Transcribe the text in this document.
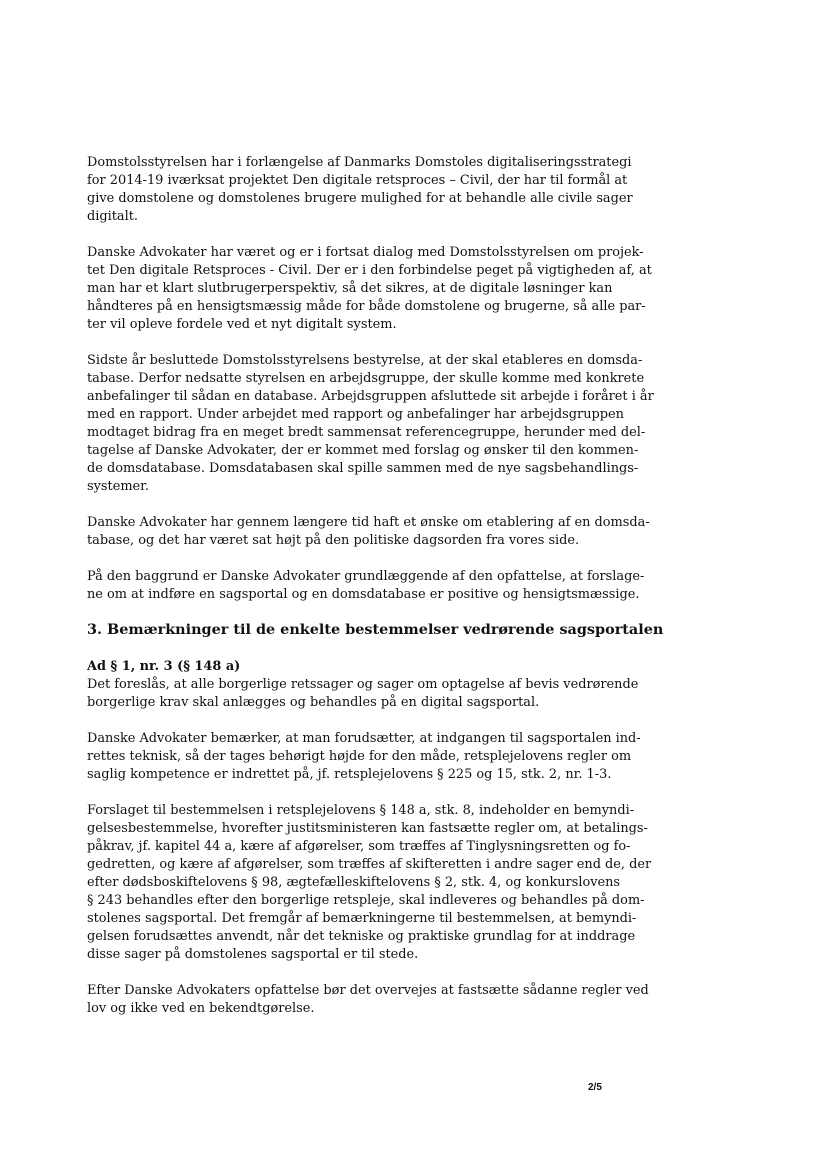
Domstolsstyrelsen har i forlængelse af Danmarks Domstoles digitaliseringsstrategi
for 2014-19 iværksat projektet Den digitale retsproces – Civil, der har til formål at
give domstolene og domstolenes brugere mulighed for at behandle alle civile sager
digitalt.

Danske Advokater har været og er i fortsat dialog med Domstolsstyrelsen om projek-
tet Den digitale Retsproces - Civil. Der er i den forbindelse peget på vigtigheden af, at
man har et klart slutbrugerperspektiv, så det sikres, at de digitale løsninger kan
håndteres på en hensigtsmæssig måde for både domstolene og brugerne, så alle par-
ter vil opleve fordele ved et nyt digitalt system.

Sidste år besluttede Domstolsstyrelsens bestyrelse, at der skal etableres en domsda-
tabase. Derfor nedsatte styrelsen en arbejdsgruppe, der skulle komme med konkrete
anbefalinger til sådan en database. Arbejdsgruppen afsluttede sit arbejde i foråret i år
med en rapport. Under arbejdet med rapport og anbefalinger har arbejdsgruppen
modtaget bidrag fra en meget bredt sammensat referencegruppe, herunder med del-
tagelse af Danske Advokater, der er kommet med forslag og ønsker til den kommen-
de domsdatabase. Domsdatabasen skal spille sammen med de nye sagsbehandlings-
systemer.

Danske Advokater har gennem længere tid haft et ønske om etablering af en domsda-
tabase, og det har været sat højt på den politiske dagsorden fra vores side.

På den baggrund er Danske Advokater grundlæggende af den opfattelse, at forslage-
ne om at indføre en sagsportal og en domsdatabase er positive og hensigtsmæssige.

3. Bemærkninger til de enkelte bestemmelser vedrørende sagsportalen

Ad § 1, nr. 3 (§ 148 a)
Det foreslås, at alle borgerlige retssager og sager om optagelse af bevis vedrørende
borgerlige krav skal anlægges og behandles på en digital sagsportal.

Danske Advokater bemærker, at man forudsætter, at indgangen til sagsportalen ind-
rettes teknisk, så der tages behørigt højde for den måde, retsplejelovens regler om
saglig kompetence er indrettet på, jf. retsplejelovens § 225 og 15, stk. 2, nr. 1-3.

Forslaget til bestemmelsen i retsplejelovens § 148 a, stk. 8, indeholder en bemyndi-
gelsesbestemmelse, hvorefter justitsministeren kan fastsætte regler om, at betalings-
påkrav, jf. kapitel 44 a, kære af afgørelser, som træffes af Tinglysningsretten og fo-
gedretten, og kære af afgørelser, som træffes af skifteretten i andre sager end de, der
efter dødsboskiftelovens § 98, ægtefælleskiftelovens § 2, stk. 4, og konkurslovens
§ 243 behandles efter den borgerlige retspleje, skal indleveres og behandles på dom-
stolenes sagsportal. Det fremgår af bemærkningerne til bestemmelsen, at bemyndi-
gelsen forudsættes anvendt, når det tekniske og praktiske grundlag for at inddrage
disse sager på domstolenes sagsportal er til stede.

Efter Danske Advokaters opfattelse bør det overvejes at fastsætte sådanne regler ved
lov og ikke ved en bekendtgørelse.

2/5
